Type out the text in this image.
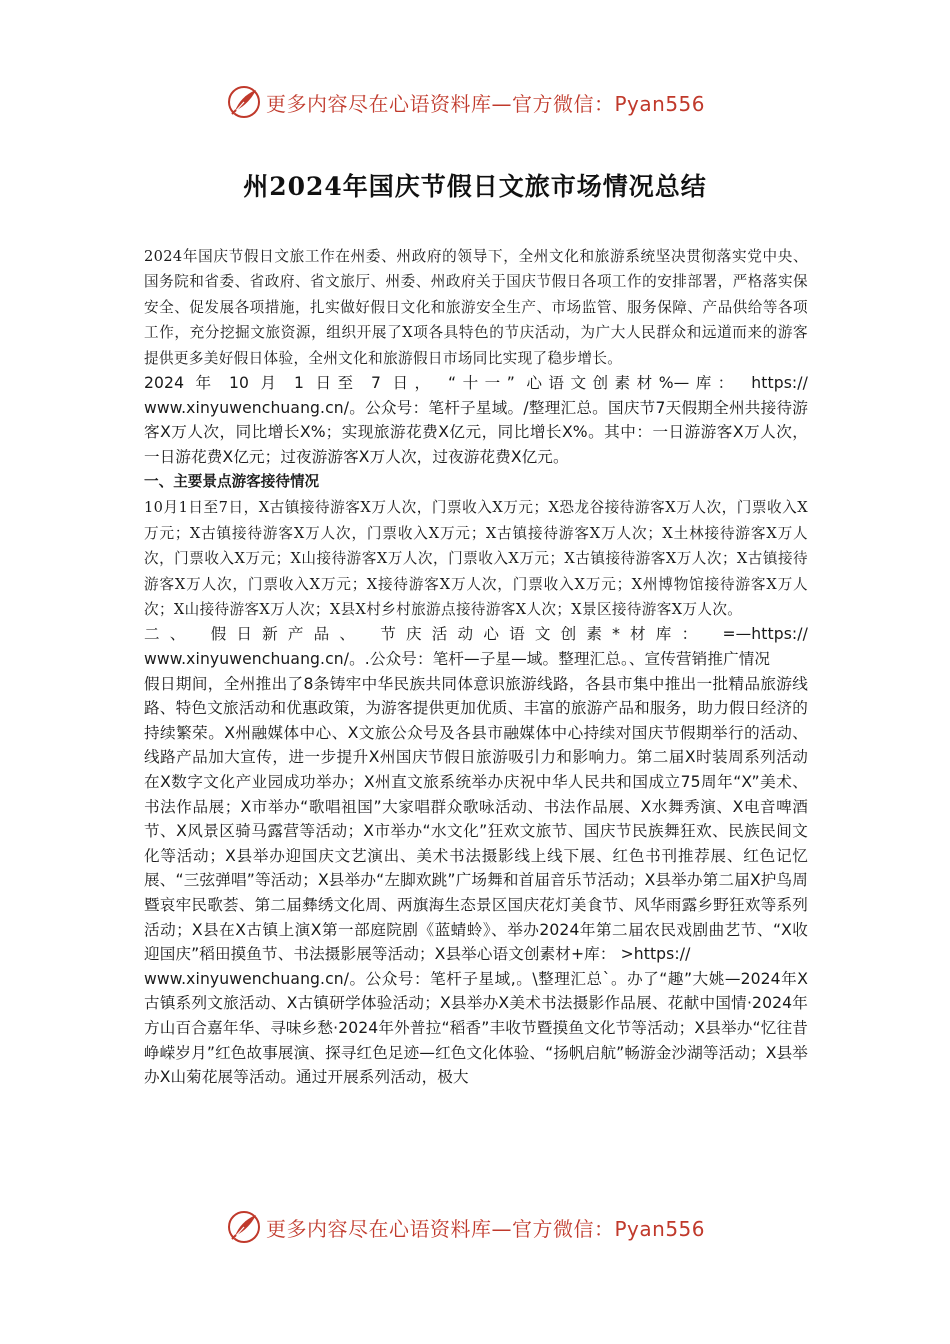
更多内容尽在心语资料库—官方微信：Pyan556
州2024年国庆节假日文旅市场情况总结

2024年国庆节假日文旅工作在州委、州政府的领导下，全州文化和旅游系统坚决贯彻落实党中央、国务院和省委、省政府、省文旅厅、州委、州政府关于国庆节假日各项工作的安排部署，严格落实保安全、促发展各项措施，扎实做好假日文化和旅游安全生产、市场监管、服务保障、产品供给等各项工作，充分挖掘文旅资源，组织开展了X项各具特色的节庆活动，为广大人民群众和远道而来的游客提供更多美好假日体验，全州文化和旅游假日市场同比实现了稳步增长。

2024 年 10 月 1 日至 7 日， “十一” 心语文创素材%—库： https://

www.xinyuwenchuang.cn/。公众号：笔杆子星域。/整理汇总。国庆节7天假期全州共接待游客X万人次，同比增长X%；实现旅游花费X亿元，同比增长X%。其中：一日游游客X万人次，一日游花费X亿元；过夜游游客X万人次，过夜游花费X亿元。

一、主要景点游客接待情况

10月1日至7日，X古镇接待游客X万人次，门票收入X万元；X恐龙谷接待游客X万人次，门票收入X万元；X古镇接待游客X万人次，门票收入X万元；X古镇接待游客X万人次；X土林接待游客X万人次，门票收入X万元；X山接待游客X万人次，门票收入X万元；X古镇接待游客X万人次；X古镇接待游客X万人次，门票收入X万元；X接待游客X万人次，门票收入X万元；X州博物馆接待游客X万人次；X山接待游客X万人次；X县X村乡村旅游点接待游客X人次；X景区接待游客X万人次。

二、 假日新产品、 节庆活动心语文创素*材库： =—https://

www.xinyuwenchuang.cn/。.公众号：笔杆—子星—域。整理汇总。、宣传营销推广情况

假日期间，全州推出了8条铸牢中华民族共同体意识旅游线路，各县市集中推出一批精品旅游线路、特色文旅活动和优惠政策，为游客提供更加优质、丰富的旅游产品和服务，助力假日经济的持续繁荣。X州融媒体中心、X文旅公众号及各县市融媒体中心持续对国庆节假期举行的活动、线路产品加大宣传，进一步提升X州国庆节假日旅游吸引力和影响力。第二届X时装周系列活动在X数字文化产业园成功举办；X州直文旅系统举办庆祝中华人民共和国成立75周年“X”美术、书法作品展；X市举办“歌唱祖国”大家唱群众歌咏活动、书法作品展、X水舞秀演、X电音啤酒节、X风景区骑马露营等活动；X市举办“水文化”狂欢文旅节、国庆节民族舞狂欢、民族民间文化等活动；X县举办迎国庆文艺演出、美术书法摄影线上线下展、红色书刊推荐展、红色记忆展、“三弦弹唱”等活动；X县举办“左脚欢跳”广场舞和首届音乐节活动；X县举办第二届X护鸟周暨哀牢民歌荟、第二届彝绣文化周、两旗海生态景区国庆花灯美食节、风华雨露乡野狂欢等系列活动；X县在X古镇上演X第一部庭院剧《蓝蜻蛉》、举办2024年第二届农民戏剧曲艺节、“X收迎国庆”稻田摸鱼节、书法摄影展等活动；X县举心语文创素材+库： >https://

www.xinyuwenchuang.cn/。公众号：笔杆子星域,。\整理汇总`。办了“趣”大姚—2024年X古镇系列文旅活动、X古镇研学体验活动；X县举办X美术书法摄影作品展、花献中国情·2024年方山百合嘉年华、寻味乡愁·2024年外普拉“稻香”丰收节暨摸鱼文化节等活动；X县举办“忆往昔峥嵘岁月”红色故事展演、探寻红色足迹—红色文化体验、“扬帆启航”畅游金沙湖等活动；X县举办X山菊花展等活动。通过开展系列活动，极大

更多内容尽在心语资料库—官方微信：Pyan556
